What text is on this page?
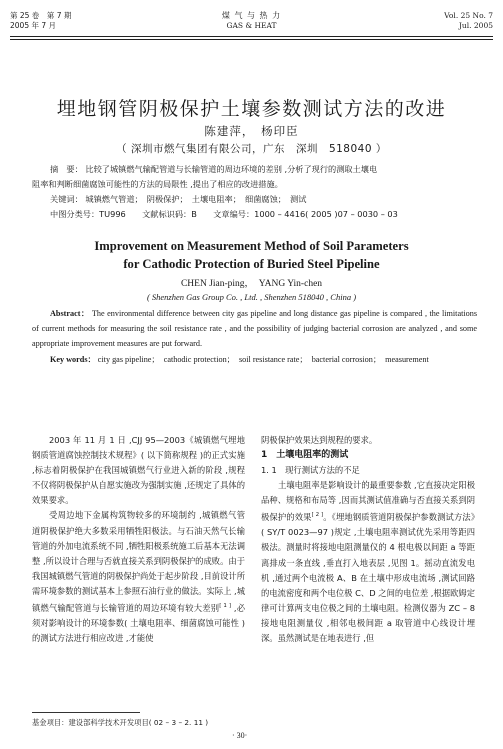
第 25 卷　第 7 期
2005 年 7 月
煤 气 与 热 力
GAS & HEAT
Vol. 25 No. 7
Jul. 2005
埋地钢管阴极保护土壤参数测试方法的改进
陈建萍，　杨印臣
（ 深圳市燃气集团有限公司，广东　深圳　518040 ）

摘　要： 比较了城镇燃气输配管道与长输管道的周边环境的差别 ,分析了现行的测取土壤电

阻率和判断细菌腐蚀可能性的方法的局限性 ,提出了相应的改进措施。

关键词： 城镇燃气管道；　阴极保护；　土壤电阻率；　细菌腐蚀；　测试

中图分类号：TU996　　文献标识码：B　　文章编号：1000 – 4416( 2005 )07 – 0030 – 03

Improvement on Measurement Method of Soil Parameters
for Cathodic Protection of Buried Steel Pipeline
CHEN Jian-ping，　YANG Yin-chen
( Shenzhen Gas Group Co. , Ltd. , Shenzhen 518040 , China )

Abstract： The environmental difference between city gas pipeline and long distance gas pipeline is compared , the limitations of current methods for measuring the soil resistance rate , and the possibility of judging bacterial corrosion are analyzed , and some appropriate improvement measures are put forward.

Key words： city gas pipeline；　cathodic protection；　soil resistance rate；　bacterial corrosion；　measurement

2003 年 11 月 1 日 ,CJJ 95—2003《城镇燃气埋地钢质管道腐蚀控制技术规程》( 以下简称规程 )的正式实施 ,标志着阴极保护在我国城镇燃气行业进入新的阶段 ,规程不仅将阴极保护从自愿实施改为强制实施 ,还规定了具体的效果要求。

受周边地下金属构筑物较多的环境制约 ,城镇燃气管道阴极保护绝大多数采用牺牲阳极法。与石油天然气长输管道的外加电流系统不同 ,牺牲阳极系统施工后基本无法调整 ,所以设计合理与否就直接关系到阴极保护的成败。由于我国城镇燃气管道的阴极保护尚处于起步阶段 ,目前设计所需环境参数的测试基本上参照石油行业的做法。实际上 ,城镇燃气输配管道与长输管道的周边环境有较大差别[ 1 ] ,必须对影响设计的环境参数( 土壤电阻率、细菌腐蚀可能性 )的测试方法进行相应改进 ,才能使

阴极保护效果达到规程的要求。

1　土壤电阻率的测试

1. 1　现行测试方法的不足

土壤电阻率是影响设计的最重要参数 ,它直接决定阳极品种、规格和布局等 ,因而其测试值准确与否直接关系到阴极保护的效果[ 2 ]。《埋地钢质管道阴极保护参数测试方法》( SY/T 0023—97 )规定 ,土壤电阻率测试优先采用等距四极法。测量时将接地电阻测量仪的 4 根电极以间距 a 等距离排成一条直线 ,垂直打入地表层 ,见图 1。摇动直流发电机 ,通过两个电流极 A、B 在土壤中形成电流场 ,测试回路的电流密度和两个电位极 C、D 之间的电位差 ,根据欧姆定律可计算两支电位极之间的土壤电阻。检测仪器为 ZC – 8 接地电阻测量仪 ,相邻电极间距 a 取管道中心线设计埋深。虽然测试是在地表进行 ,但

基金项目：建设部科学技术开发项目( 02 – 3 – 2. 11 )
· 30·
